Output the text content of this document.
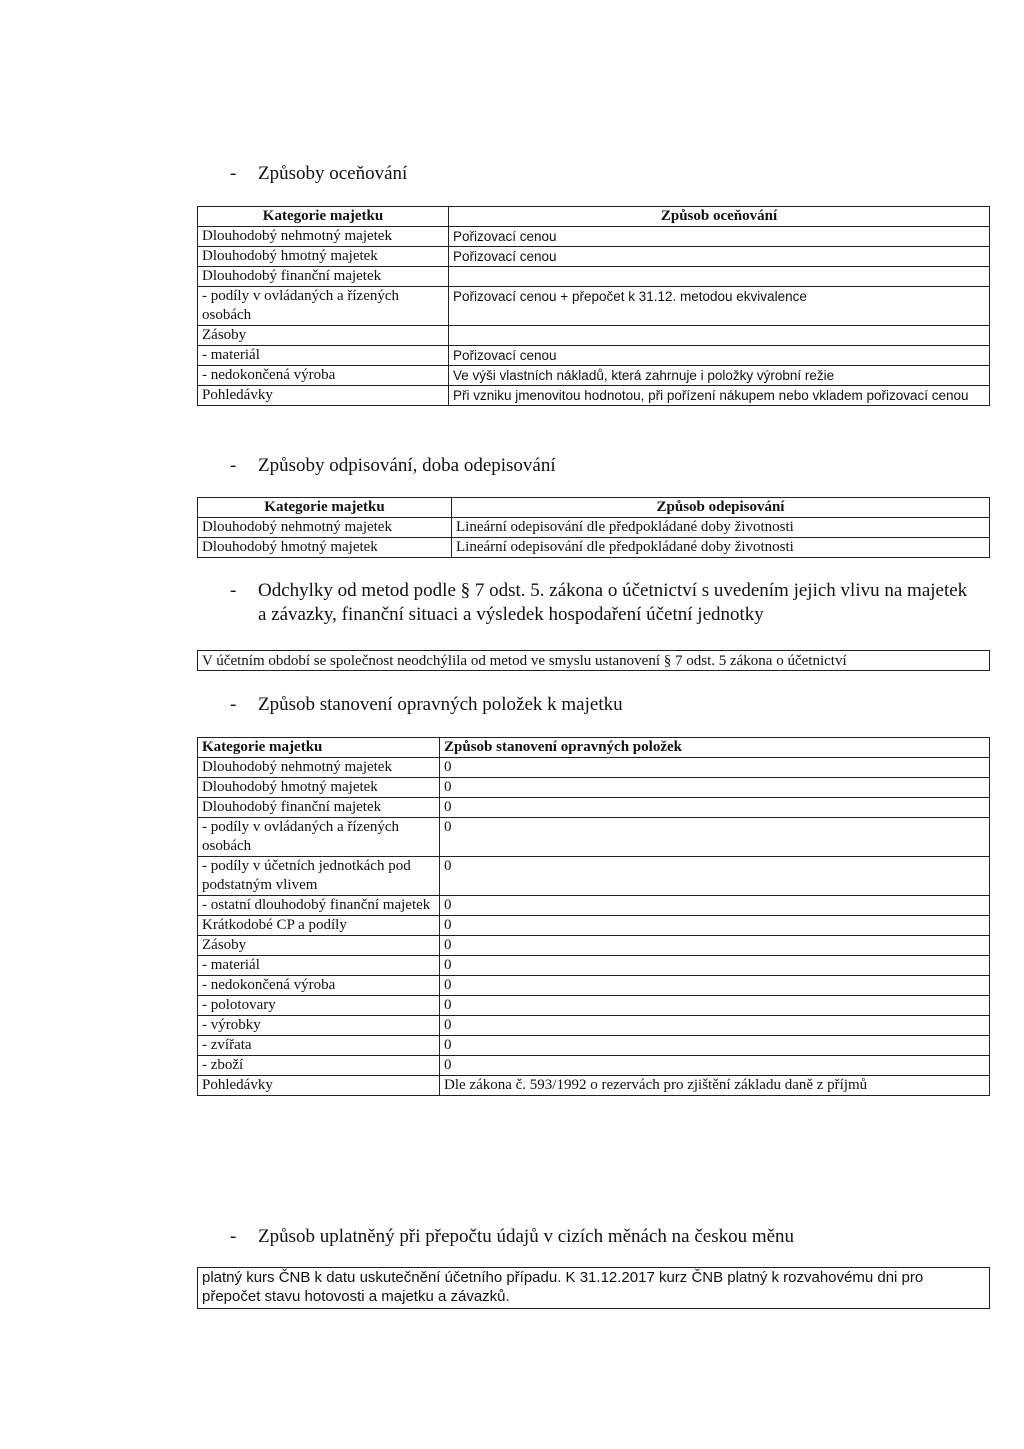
- Způsoby oceňování
Kategorie majetku	Způsob oceňování
Dlouhodobý nehmotný majetek	Pořizovací cenou
Dlouhodobý hmotný majetek	Pořizovací cenou
Dlouhodobý finanční majetek	
- podíly v ovládaných a řízených osobách	Pořizovací cenou + přepočet k 31.12. metodou ekvivalence
Zásoby	
- materiál	Pořizovací cenou
- nedokončená výroba	Ve výši vlastních nákladů, která zahrnuje i položky výrobní režie
Pohledávky	Při vzniku jmenovitou hodnotou, při pořízení nákupem nebo vkladem pořizovací cenou
- Způsoby odpisování, doba odepisování
Kategorie majetku	Způsob odepisování
Dlouhodobý nehmotný majetek	Lineární odepisování dle předpokládané doby životnosti
Dlouhodobý hmotný majetek	Lineární odepisování dle předpokládané doby životnosti
- Odchylky od metod podle § 7 odst. 5. zákona o účetnictví s uvedením jejich vlivu na majetek a závazky, finanční situaci a výsledek hospodaření účetní jednotky
V účetním období se společnost neodchýlila od metod ve smyslu ustanovení § 7 odst. 5 zákona o účetnictví
- Způsob stanovení opravných položek k majetku
Kategorie majetku	Způsob stanovení opravných položek
Dlouhodobý nehmotný majetek	0
Dlouhodobý hmotný majetek	0
Dlouhodobý finanční majetek	0
- podíly v ovládaných a řízených osobách	0
- podíly v účetních jednotkách pod podstatným vlivem	0
- ostatní dlouhodobý finanční majetek	0
Krátkodobé CP a podíly	0
Zásoby	0
- materiál	0
- nedokončená výroba	0
- polotovary	0
- výrobky	0
- zvířata	0
- zboží	0
Pohledávky	Dle zákona č. 593/1992 o rezervách pro zjištění základu daně z příjmů
- Způsob uplatněný při přepočtu údajů v cizích měnách na českou měnu
platný kurs ČNB k datu uskutečnění účetního případu. K 31.12.2017 kurz ČNB platný k rozvahovému dni pro přepočet stavu hotovosti a majetku a závazků.
